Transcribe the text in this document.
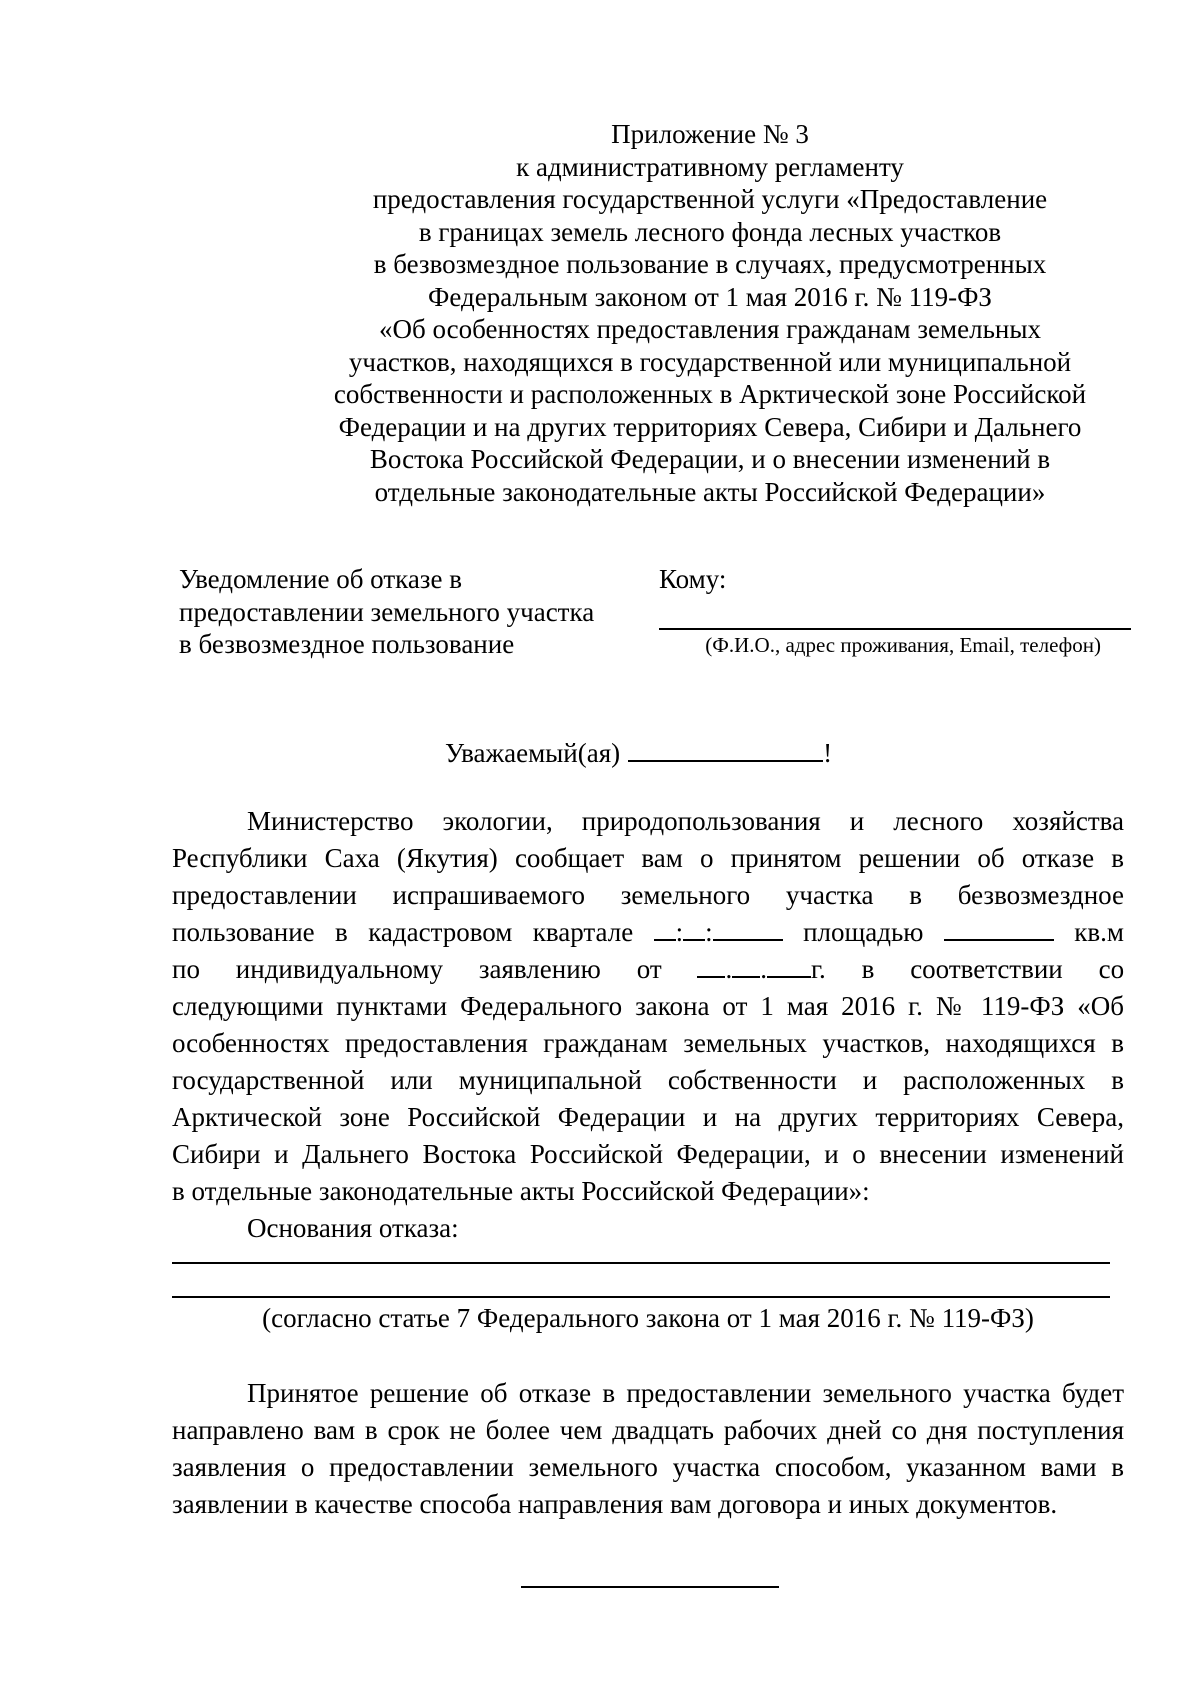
Приложение № 3
к административному регламенту
предоставления государственной услуги «Предоставление
в границах земель лесного фонда лесных участков
в безвозмездное пользование в случаях, предусмотренных
Федеральным законом от 1 мая 2016 г. № 119-ФЗ
«Об особенностях предоставления гражданам земельных
участков, находящихся в государственной или муниципальной
собственности и расположенных в Арктической зоне Российской
Федерации и на других территориях Севера, Сибири и Дальнего
Востока Российской Федерации, и о внесении изменений в
отдельные законодательные акты Российской Федерации»
Уведомление об отказе в
предоставлении земельного участка
в безвозмездное пользование
Кому:
(Ф.И.О., адрес проживания, Email, телефон)
Уважаемый(ая)	!
Министерство экологии, природопользования и лесного хозяйства
Республики Саха (Якутия) сообщает вам о принятом решении об отказе в
предоставлении испрашиваемого земельного участка в безвозмездное
пользование в кадастровом квартале : :	площадью	кв.м
по индивидуальному заявлению от . . г. в соответствии со
следующими пунктами Федерального закона от 1 мая 2016 г. № 119-ФЗ «Об
особенностях предоставления гражданам земельных участков, находящихся в
государственной или муниципальной собственности и расположенных в
Арктической зоне Российской Федерации и на других территориях Севера,
Сибири и Дальнего Востока Российской Федерации, и о внесении изменений
в отдельные законодательные акты Российской Федерации»:
Основания отказа:
(согласно статье 7 Федерального закона от 1 мая 2016 г. № 119-ФЗ)
Принятое решение об отказе в предоставлении земельного участка будет
направлено вам в срок не более чем двадцать рабочих дней со дня поступления
заявления о предоставлении земельного участка способом, указанном вами в
заявлении в качестве способа направления вам договора и иных документов.
